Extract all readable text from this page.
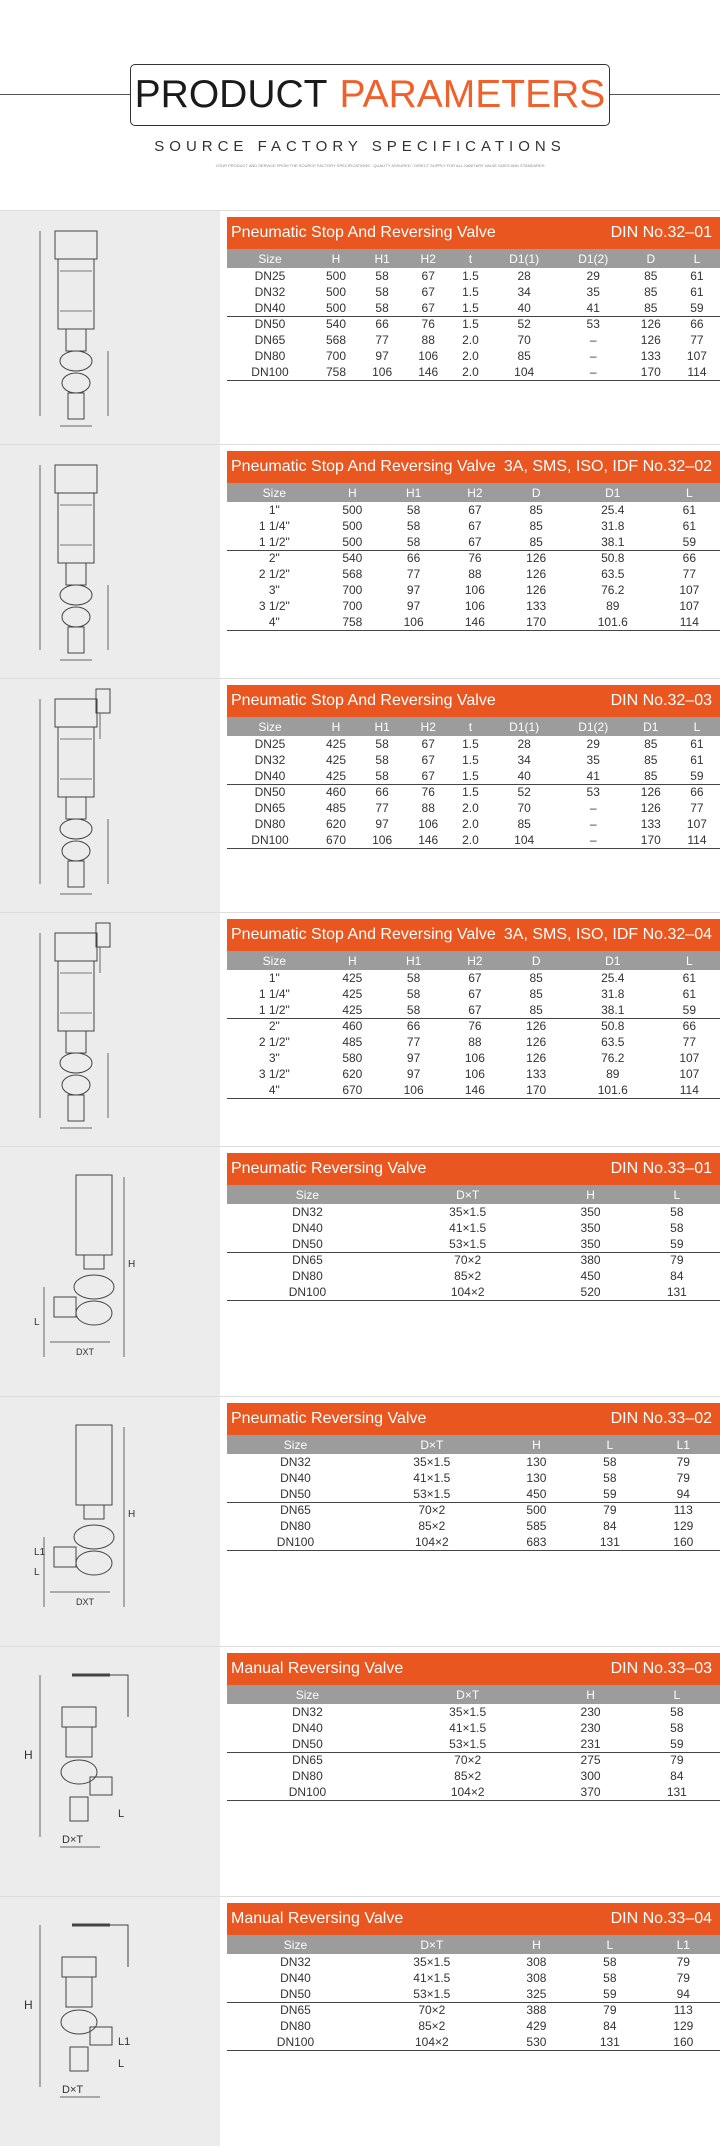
PRODUCT PARAMETERS
SOURCE FACTORY SPECIFICATIONS
YOUR PRODUCT AND SERVICE FROM THE SOURCE FACTORY SPECIFICATIONS · QUALITY ASSURED · DIRECT SUPPLY FOR ALL SANITARY VALVE SIZES AND STANDARDS
Pneumatic Stop And Reversing Valve	DIN No.32–01
Size	H	H1	H2	t	D1(1)	D1(2)	D	L
DN25	500	58	67	1.5	28	29	85	61
DN32	500	58	67	1.5	34	35	85	61
DN40	500	58	67	1.5	40	41	85	59
DN50	540	66	76	1.5	52	53	126	66
DN65	568	77	88	2.0	70	–	126	77
DN80	700	97	106	2.0	85	–	133	107
DN100	758	106	146	2.0	104	–	170	114
Pneumatic Stop And Reversing Valve 3A, SMS, ISO, IDF No.32–02
Size	H	H1	H2	D	D1	L
1"	500	58	67	85	25.4	61
1 1/4"	500	58	67	85	31.8	61
1 1/2"	500	58	67	85	38.1	59
2"	540	66	76	126	50.8	66
2 1/2"	568	77	88	126	63.5	77
3"	700	97	106	126	76.2	107
3 1/2"	700	97	106	133	89	107
4"	758	106	146	170	101.6	114
Pneumatic Stop And Reversing Valve	DIN No.32–03
Size	H	H1	H2	t	D1(1)	D1(2)	D1	L
DN25	425	58	67	1.5	28	29	85	61
DN32	425	58	67	1.5	34	35	85	61
DN40	425	58	67	1.5	40	41	85	59
DN50	460	66	76	1.5	52	53	126	66
DN65	485	77	88	2.0	70	–	126	77
DN80	620	97	106	2.0	85	–	133	107
DN100	670	106	146	2.0	104	–	170	114
Pneumatic Stop And Reversing Valve 3A, SMS, ISO, IDF No.32–04
Size	H	H1	H2	D	D1	L
1"	425	58	67	85	25.4	61
1 1/4"	425	58	67	85	31.8	61
1 1/2"	425	58	67	85	38.1	59
2"	460	66	76	126	50.8	66
2 1/2"	485	77	88	126	63.5	77
3"	580	97	106	126	76.2	107
3 1/2"	620	97	106	133	89	107
4"	670	106	146	170	101.6	114
H
L
DXT
Pneumatic Reversing Valve	DIN No.33–01
Size	D×T	H	L
DN32	35×1.5	350	58
DN40	41×1.5	350	58
DN50	53×1.5	350	59
DN65	70×2	380	79
DN80	85×2	450	84
DN100	104×2	520	131
H
L
DXT
L1
Pneumatic Reversing Valve	DIN No.33–02
Size	D×T	H	L	L1
DN32	35×1.5	130	58	79
DN40	41×1.5	130	58	79
DN50	53×1.5	450	59	94
DN65	70×2	500	79	113
DN80	85×2	585	84	129
DN100	104×2	683	131	160
H
D×T
L
Manual Reversing Valve	DIN No.33–03
Size	D×T	H	L
DN32	35×1.5	230	58
DN40	41×1.5	230	58
DN50	53×1.5	231	59
DN65	70×2	275	79
DN80	85×2	300	84
DN100	104×2	370	131
H
D×T
L
L1
Manual Reversing Valve	DIN No.33–04
Size	D×T	H	L	L1
DN32	35×1.5	308	58	79
DN40	41×1.5	308	58	79
DN50	53×1.5	325	59	94
DN65	70×2	388	79	113
DN80	85×2	429	84	129
DN100	104×2	530	131	160
